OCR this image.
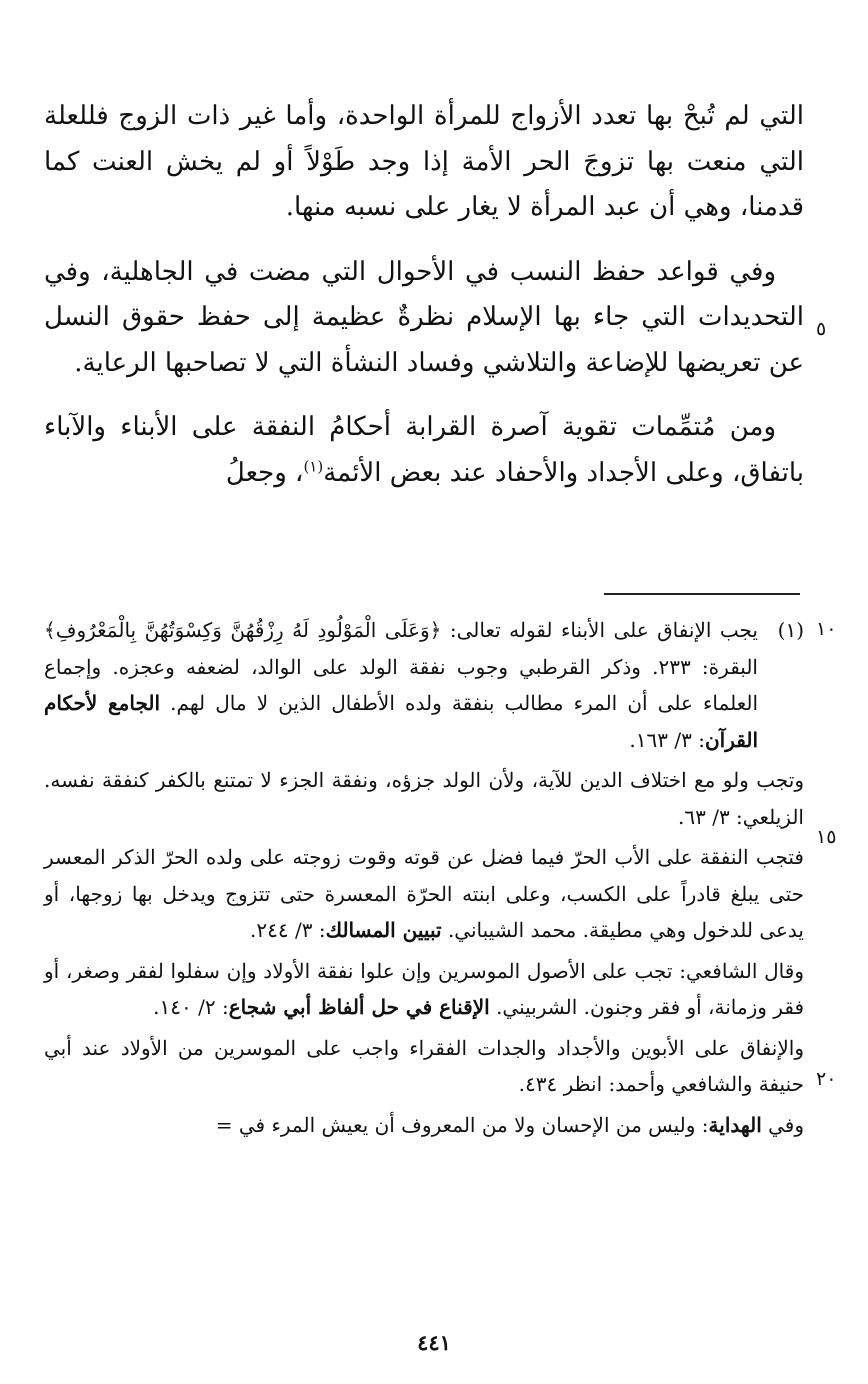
التي لم تُبحْ بها تعدد الأزواج للمرأة الواحدة، وأما غير ذات الزوج فللعلة التي منعت بها تزوجَ الحر الأمة إذا وجد طَوْلاً أو لم يخش العنت كما قدمنا، وهي أن عبد المرأة لا يغار على نسبه منها.

وفي قواعد حفظ النسب في الأحوال التي مضت في الجاهلية، وفي التحديدات التي جاء بها الإسلام نظرةٌ عظيمة إلى حفظ حقوق النسل عن تعريضها للإضاعة والتلاشي وفساد النشأة التي لا تصاحبها الرعاية.

ومن مُتمِّمات تقوية آصرة القرابة أحكامُ النفقة على الأبناء والآباء باتفاق، وعلى الأجداد والأحفاد عند بعض الأئمة$^{(١)}$، وجعلُ

(١)يجب الإنفاق على الأبناء لقوله تعالى: ﴿وَعَلَى الْمَوْلُودِ لَهُ رِزْقُهُنَّ وَكِسْوَتُهُنَّ بِالْمَعْرُوفِ﴾ البقرة: ٢٣٣. وذكر القرطبي وجوب نفقة الولد على الوالد، لضعفه وعجزه. وإجماع العلماء على أن المرء مطالب بنفقة ولده الأطفال الذين لا مال لهم. الجامع لأحكام القرآن: ٣/ ١٦٣.

وتجب ولو مع اختلاف الدين للآية، ولأن الولد جزؤه، ونفقة الجزء لا تمتنع بالكفر كنفقة نفسه. الزيلعي: ٣/ ٦٣.

فتجب النفقة على الأب الحرّ فيما فضل عن قوته وقوت زوجته على ولده الحرّ الذكر المعسر حتى يبلغ قادراً على الكسب، وعلى ابنته الحرّة المعسرة حتى تتزوج ويدخل بها زوجها، أو يدعى للدخول وهي مطيقة. محمد الشيباني. تبيين المسالك: ٣/ ٢٤٤.

وقال الشافعي: تجب على الأصول الموسرين وإن علوا نفقة الأولاد وإن سفلوا لفقر وصغر، أو فقر وزمانة، أو فقر وجنون. الشربيني. الإقناع في حل ألفاظ أبي شجاع: ٢/ ١٤٠.

والإنفاق على الأبوين والأجداد والجدات الفقراء واجب على الموسرين من الأولاد عند أبي حنيفة والشافعي وأحمد: انظر ٤٣٤.

وفي الهداية: وليس من الإحسان ولا من المعروف أن يعيش المرء في =

٥
١٠
١٥
٢٠
٤٤١
